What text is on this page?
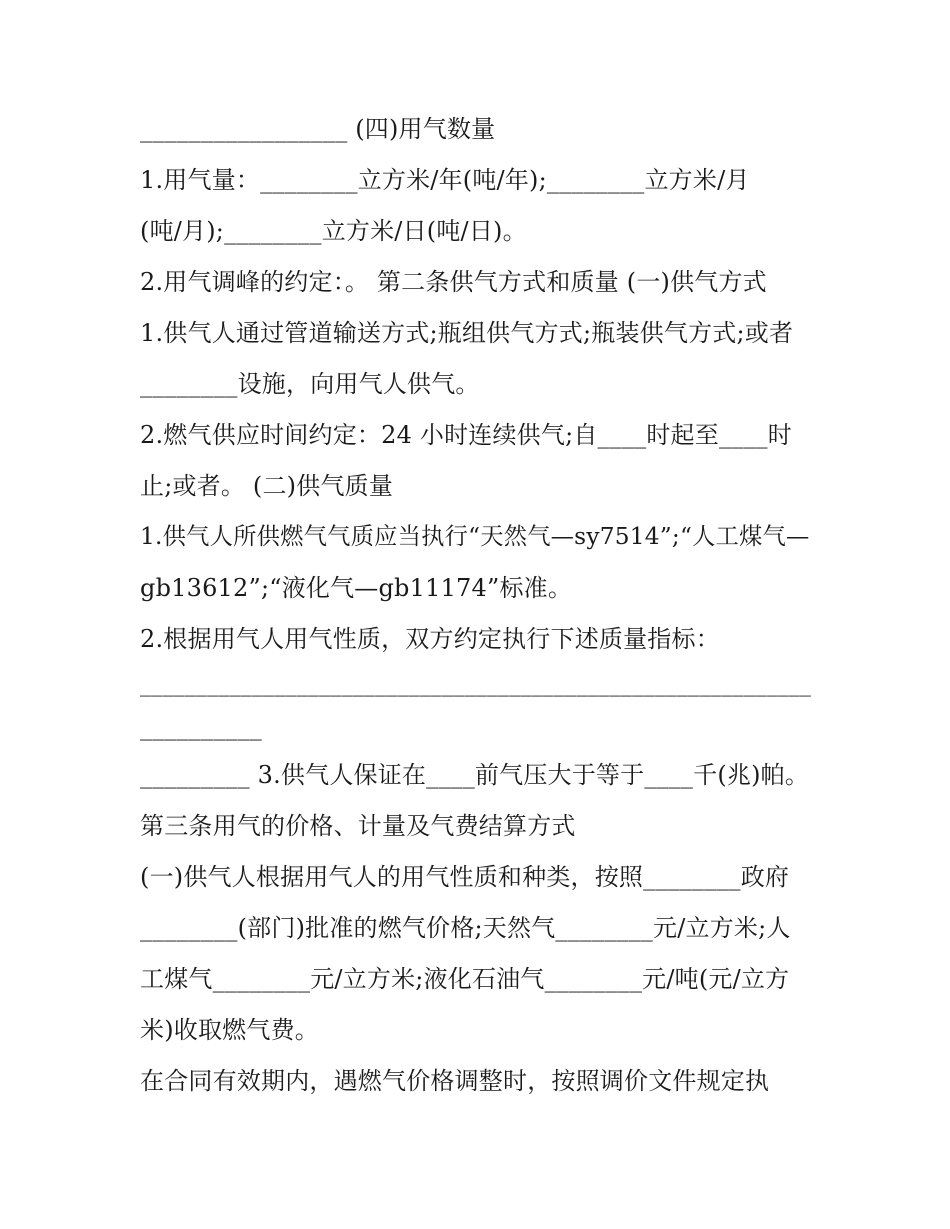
_________________ (四)用气数量
1.用气量：________立方米/年(吨/年);________立方米/月
(吨/月);________立方米/日(吨/日)。
2.用气调峰的约定：。 第二条供气方式和质量 (一)供气方式
1.供气人通过管道输送方式;瓶组供气方式;瓶装供气方式;或者
________设施，向用气人供气。
2.燃气供应时间约定：24 小时连续供气;自____时起至____时
止;或者。 (二)供气质量
1.供气人所供燃气气质应当执行“天然气—sy7514”;“人工煤气—
gb13612”;“液化气—gb11174”标准。
2.根据用气人用气性质，双方约定执行下述质量指标：
____________________________________________________________
__________
_________ 3.供气人保证在____前气压大于等于____千(兆)帕。
第三条用气的价格、计量及气费结算方式
(一)供气人根据用气人的用气性质和种类，按照________政府
________(部门)批准的燃气价格;天然气________元/立方米;人
工煤气________元/立方米;液化石油气________元/吨(元/立方
米)收取燃气费。
在合同有效期内，遇燃气价格调整时，按照调价文件规定执
